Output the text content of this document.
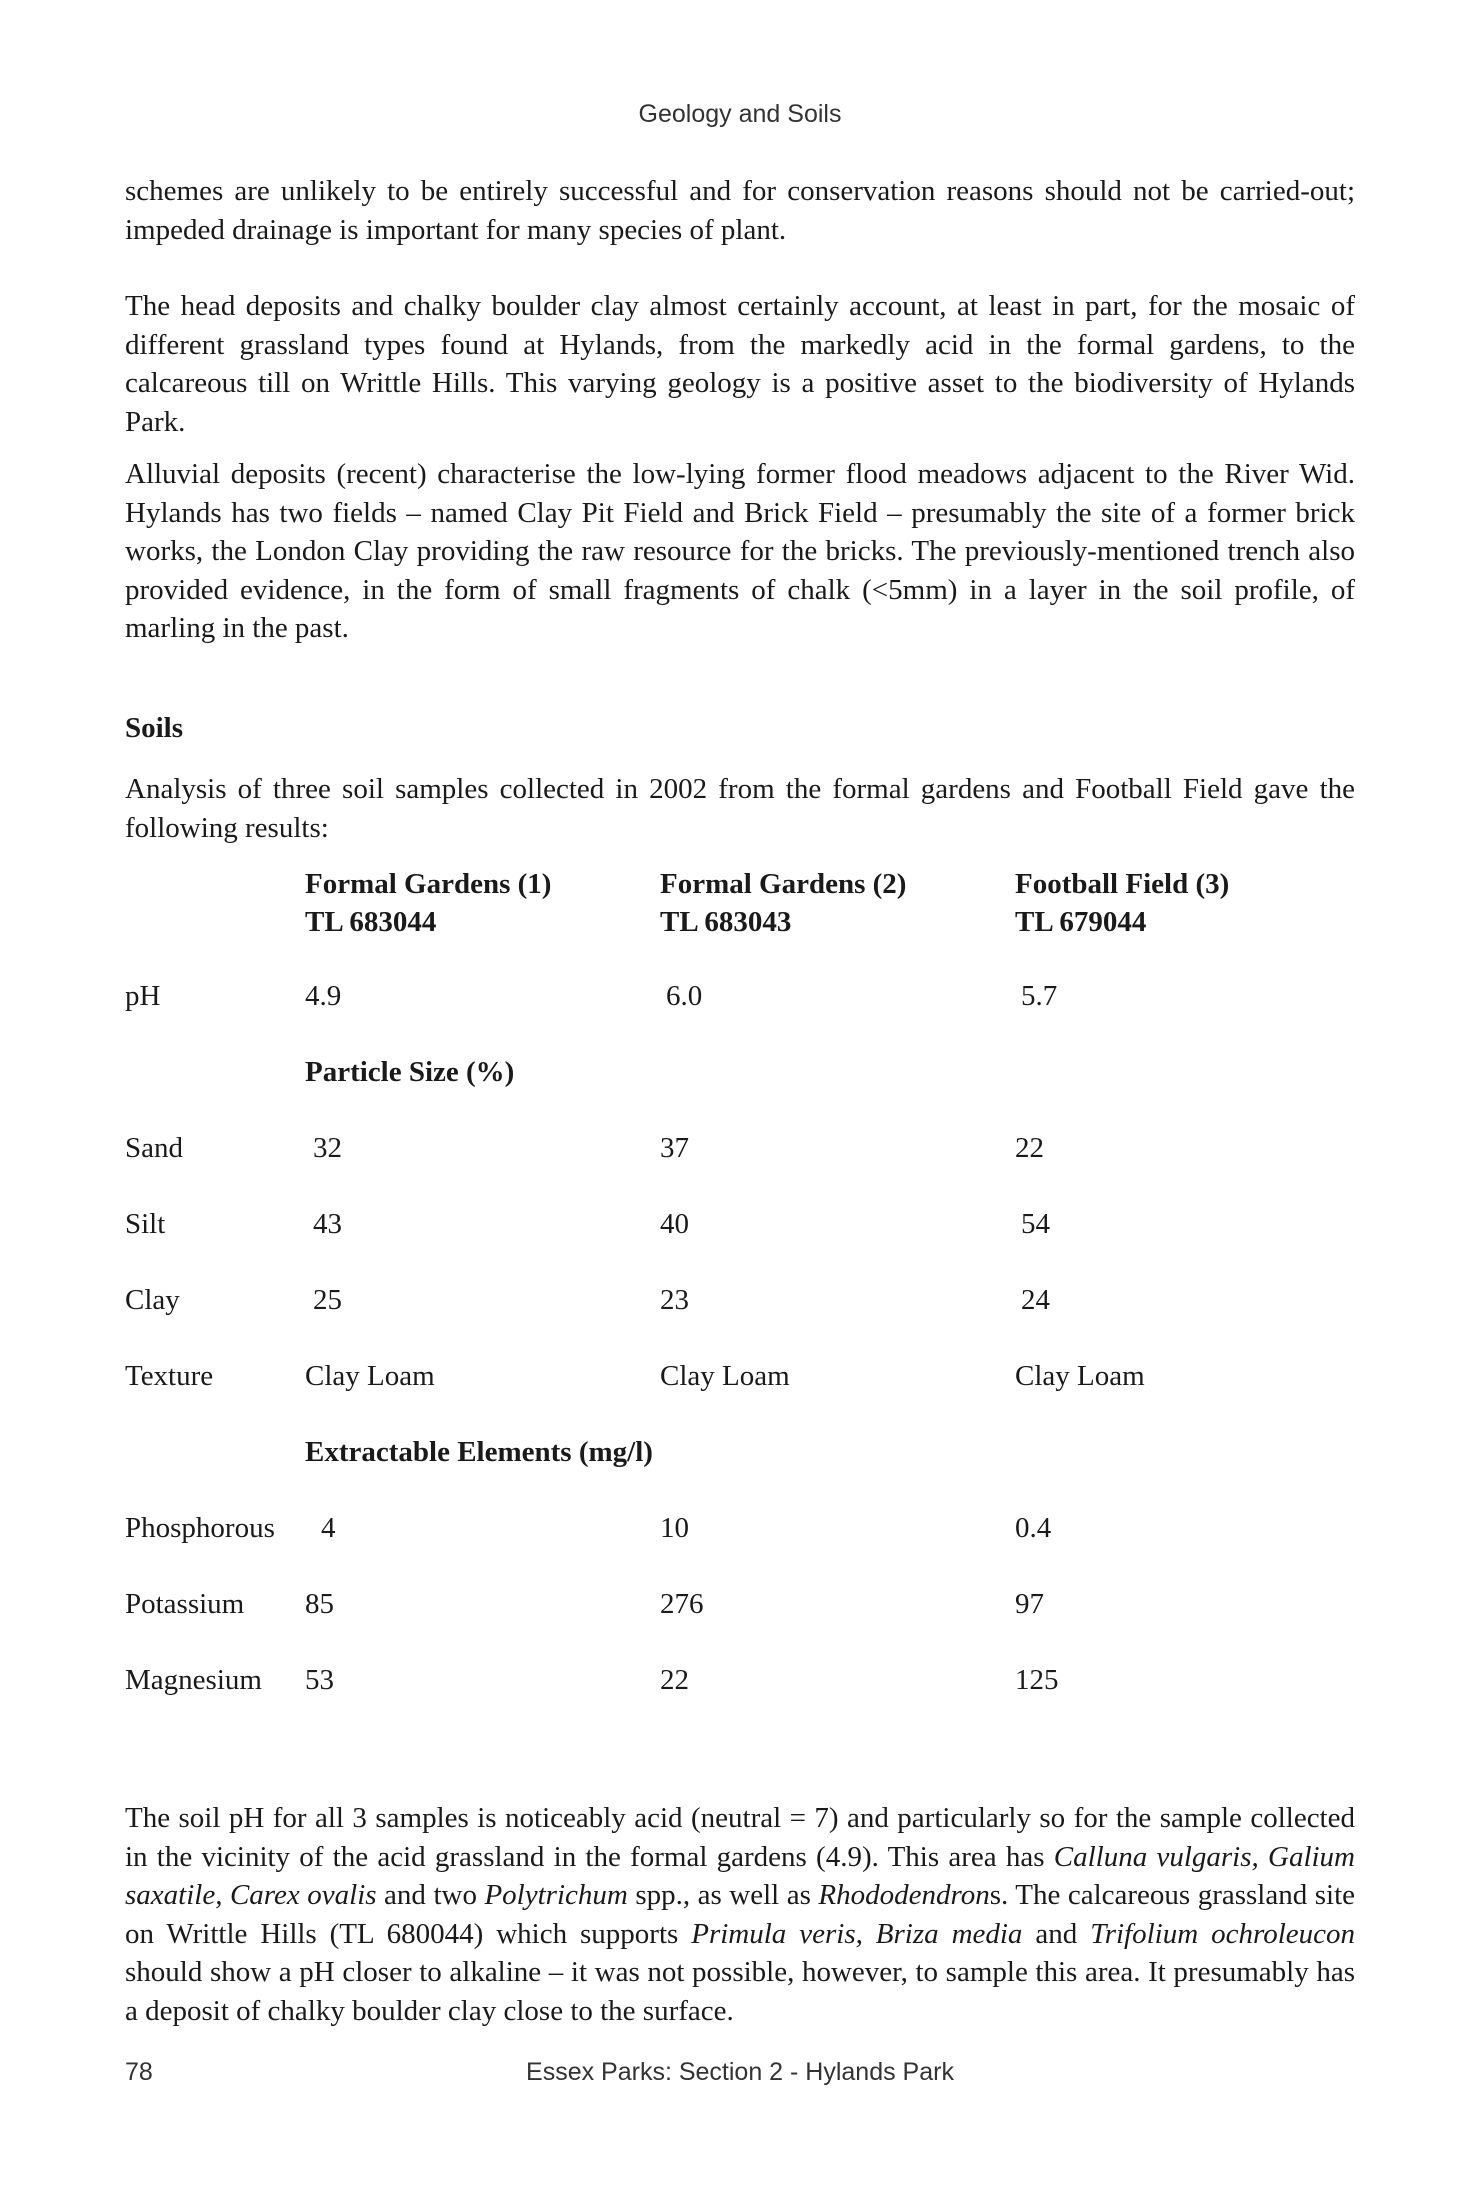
Geology and Soils

schemes are unlikely to be entirely successful and for conservation reasons should not be carried-out; impeded drainage is important for many species of plant.

The head deposits and chalky boulder clay almost certainly account, at least in part, for the mosaic of different grassland types found at Hylands, from the markedly acid in the formal gardens, to the calcareous till on Writtle Hills. This varying geology is a positive asset to the biodiversity of Hylands Park.

Alluvial deposits (recent) characterise the low-lying former flood meadows adjacent to the River Wid. Hylands has two fields – named Clay Pit Field and Brick Field – presumably the site of a former brick works, the London Clay providing the raw resource for the bricks. The previously-mentioned trench also provided evidence, in the form of small fragments of chalk (<5mm) in a layer in the soil profile, of marling in the past.

Soils
Analysis of three soil samples collected in 2002 from the formal gardens and Football Field gave the following results:
Formal Gardens (1)	Formal Gardens (2)	Football Field (3)
TL 683044	TL 683043	TL 679044
pH	4.9	6.0	5.7
Particle Size (%)
Sand	32	37	22
Silt	43	40	54
Clay	25	23	24
Texture	Clay Loam	Clay Loam	Clay Loam
Extractable Elements (mg/l)
Phosphorous 4	10	0.4
Potassium 85	276	97
Magnesium 53	22	125

The soil pH for all 3 samples is noticeably acid (neutral = 7) and particularly so for the sample collected in the vicinity of the acid grassland in the formal gardens (4.9). This area has Calluna vulgaris, Galium saxatile, Carex ovalis and two Polytrichum spp., as well as Rhododendrons. The calcareous grassland site on Writtle Hills (TL 680044) which supports Primula veris, Briza media and Trifolium ochroleucon should show a pH closer to alkaline – it was not possible, however, to sample this area. It presumably has a deposit of chalky boulder clay close to the surface.

78	Essex Parks: Section 2 - Hylands Park
